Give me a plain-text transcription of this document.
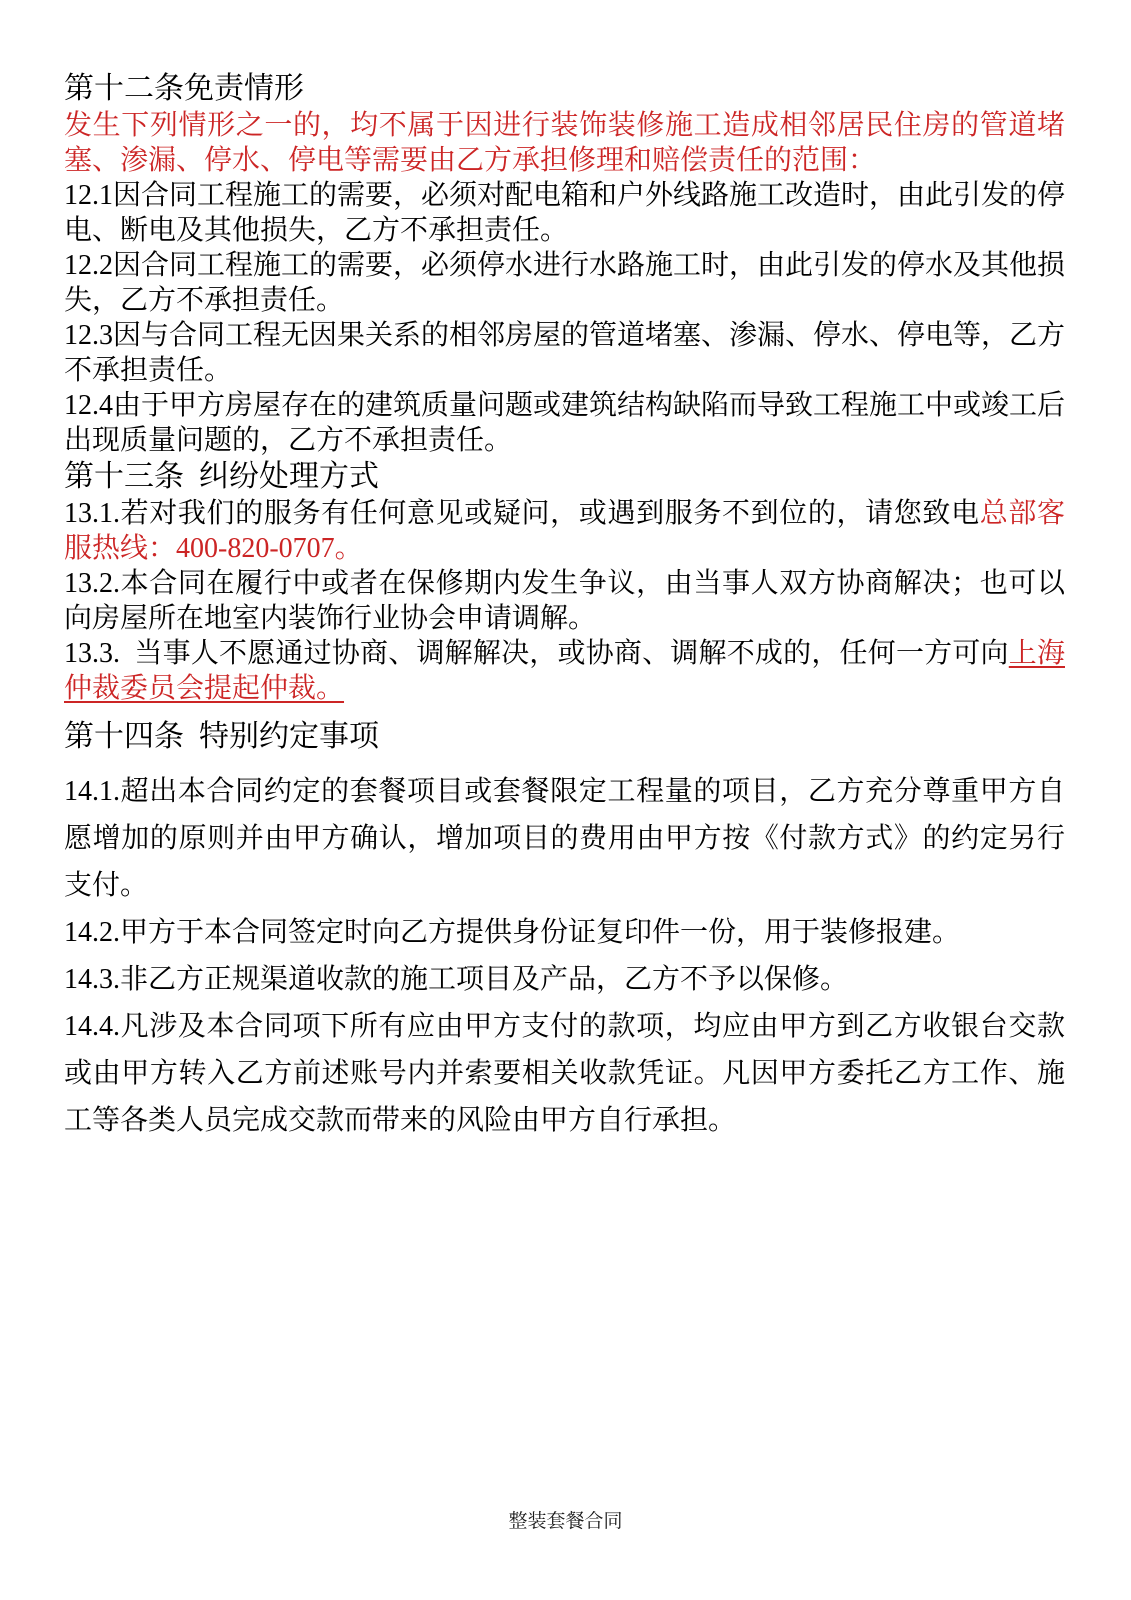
第十二条免责情形

发生下列情形之一的，均不属于因进行装饰装修施工造成相邻居民住房的管道堵塞、渗漏、停水、停电等需要由乙方承担修理和赔偿责任的范围：

12.1因合同工程施工的需要，必须对配电箱和户外线路施工改造时，由此引发的停电、断电及其他损失，乙方不承担责任。

12.2因合同工程施工的需要，必须停水进行水路施工时，由此引发的停水及其他损失，乙方不承担责任。

12.3因与合同工程无因果关系的相邻房屋的管道堵塞、渗漏、停水、停电等，乙方不承担责任。

12.4由于甲方房屋存在的建筑质量问题或建筑结构缺陷而导致工程施工中或竣工后出现质量问题的，乙方不承担责任。

第十三条  纠纷处理方式

13.1.若对我们的服务有任何意见或疑问，或遇到服务不到位的，请您致电总部客服热线：400-820-0707。

13.2.本合同在履行中或者在保修期内发生争议，由当事人双方协商解决；也可以向房屋所在地室内装饰行业协会申请调解。

13.3.  当事人不愿通过协商、调解解决，或协商、调解不成的，任何一方可向上海仲裁委员会提起仲裁。

第十四条  特别约定事项

14.1.超出本合同约定的套餐项目或套餐限定工程量的项目，乙方充分尊重甲方自愿增加的原则并由甲方确认，增加项目的费用由甲方按《付款方式》的约定另行支付。

14.2.甲方于本合同签定时向乙方提供身份证复印件一份，用于装修报建。

14.3.非乙方正规渠道收款的施工项目及产品，乙方不予以保修。

14.4.凡涉及本合同项下所有应由甲方支付的款项，均应由甲方到乙方收银台交款或由甲方转入乙方前述账号内并索要相关收款凭证。凡因甲方委托乙方工作、施工等各类人员完成交款而带来的风险由甲方自行承担。

整装套餐合同
